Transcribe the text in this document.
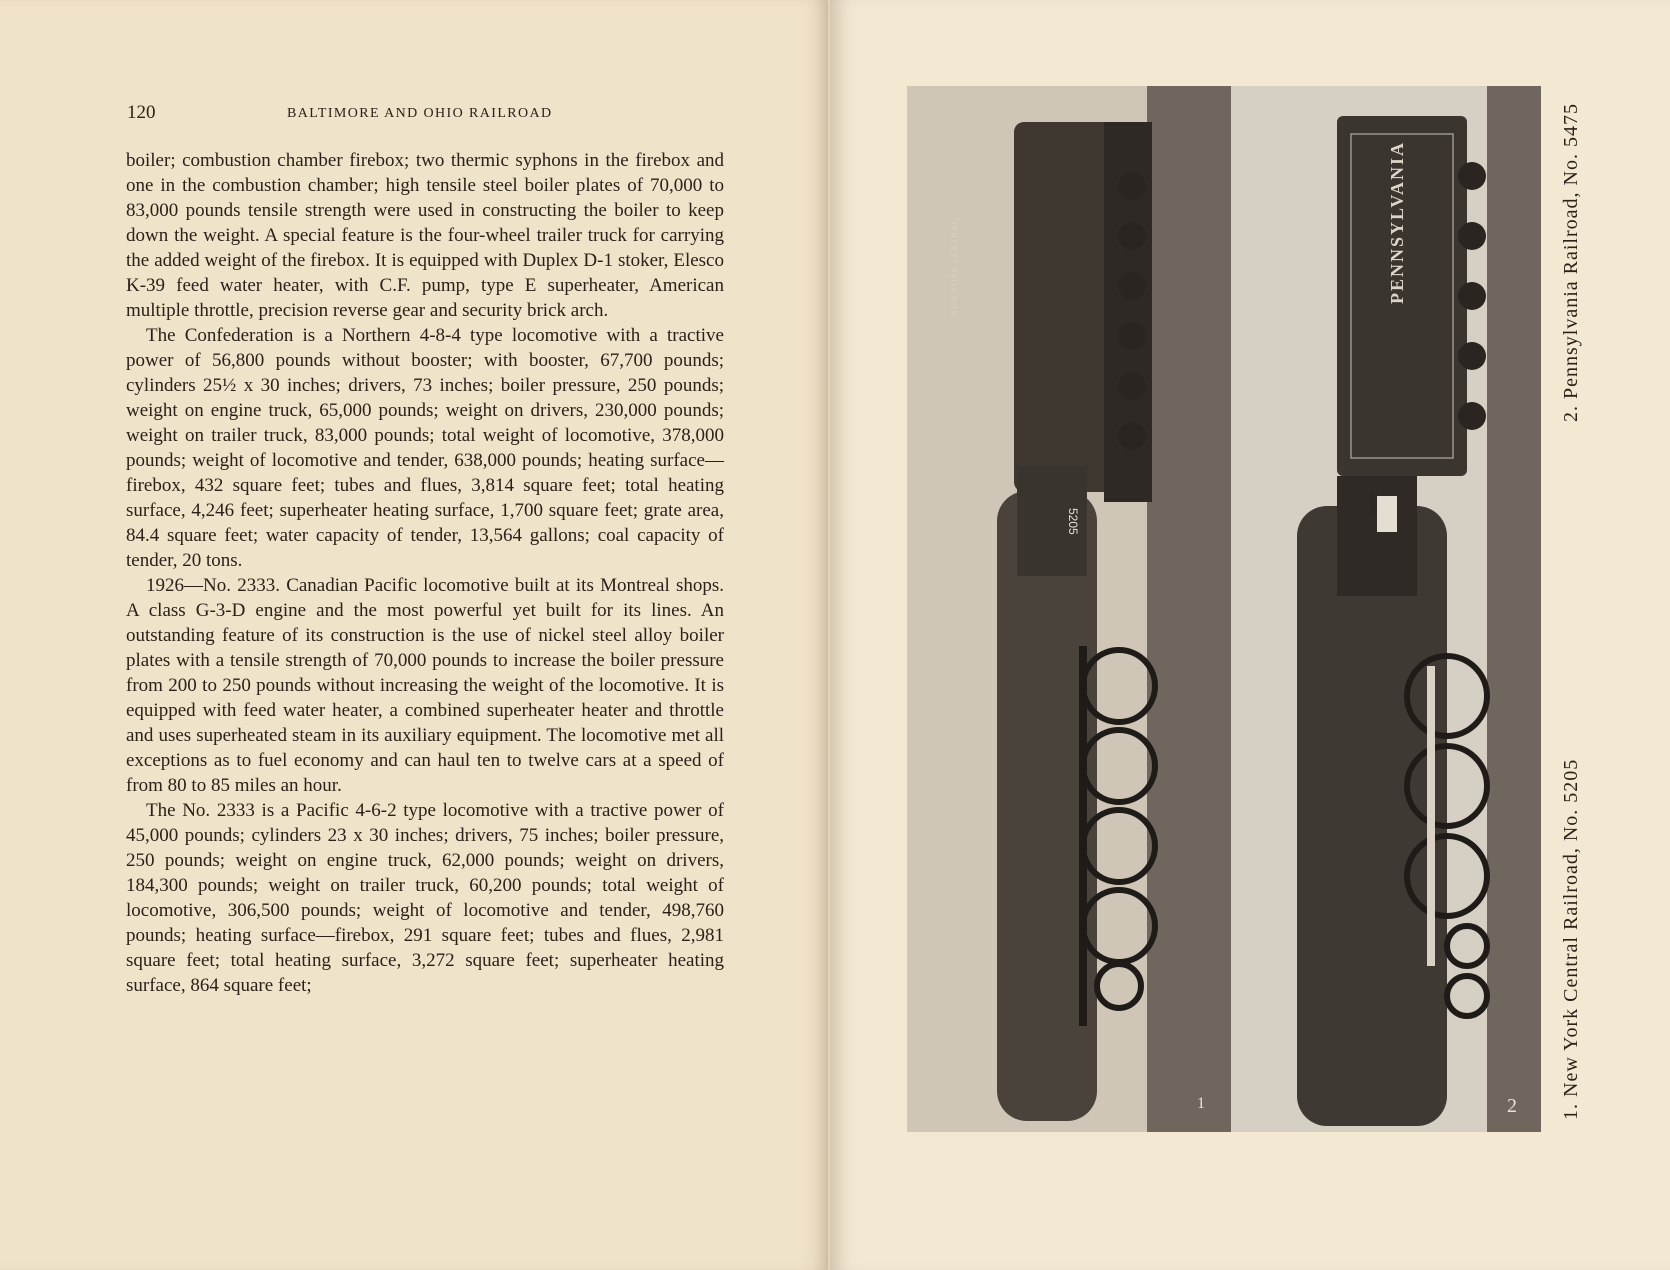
120	BALTIMORE AND OHIO RAILROAD

boiler; combustion chamber firebox; two thermic syphons in the firebox and one in the combustion chamber; high tensile steel boiler plates of 70,000 to 83,000 pounds tensile strength were used in constructing the boiler to keep down the weight. A special feature is the four-wheel trailer truck for carrying the added weight of the firebox. It is equipped with Duplex D-1 stoker, Elesco K-39 feed water heater, with C.F. pump, type E superheater, American multiple throttle, precision reverse gear and security brick arch.

The Confederation is a Northern 4-8-4 type locomotive with a tractive power of 56,800 pounds without booster; with booster, 67,700 pounds; cylinders 25½ x 30 inches; drivers, 73 inches; boiler pressure, 250 pounds; weight on engine truck, 65,000 pounds; weight on drivers, 230,000 pounds; weight on trailer truck, 83,000 pounds; total weight of locomotive, 378,000 pounds; weight of locomotive and tender, 638,000 pounds; heating surface—firebox, 432 square feet; tubes and flues, 3,814 square feet; total heating surface, 4,246 feet; superheater heating surface, 1,700 square feet; grate area, 84.4 square feet; water capacity of tender, 13,564 gallons; coal capacity of tender, 20 tons.

1926—No. 2333. Canadian Pacific locomotive built at its Montreal shops. A class G-3-D engine and the most powerful yet built for its lines. An outstanding feature of its construction is the use of nickel steel alloy boiler plates with a tensile strength of 70,000 pounds to increase the boiler pressure from 200 to 250 pounds without increasing the weight of the locomotive. It is equipped with feed water heater, a combined superheater heater and throttle and uses superheated steam in its auxiliary equipment. The locomotive met all exceptions as to fuel economy and can haul ten to twelve cars at a speed of from 80 to 85 miles an hour.

The No. 2333 is a Pacific 4-6-2 type locomotive with a tractive power of 45,000 pounds; cylinders 23 x 30 inches; drivers, 75 inches; boiler pressure, 250 pounds; weight on engine truck, 62,000 pounds; weight on drivers, 184,300 pounds; weight on trailer truck, 60,200 pounds; total weight of locomotive, 306,500 pounds; weight of locomotive and tender, 498,760 pounds; heating surface—firebox, 291 square feet; tubes and flues, 2,981 square feet; total heating surface, 3,272 square feet; superheater heating surface, 864 square feet;

5205
NEW YORK CENTRAL
1
PENNSYLVANIA
5425
2 1. New York Central Railroad, No. 5205
2. Pennsylvania Railroad, No. 5475
